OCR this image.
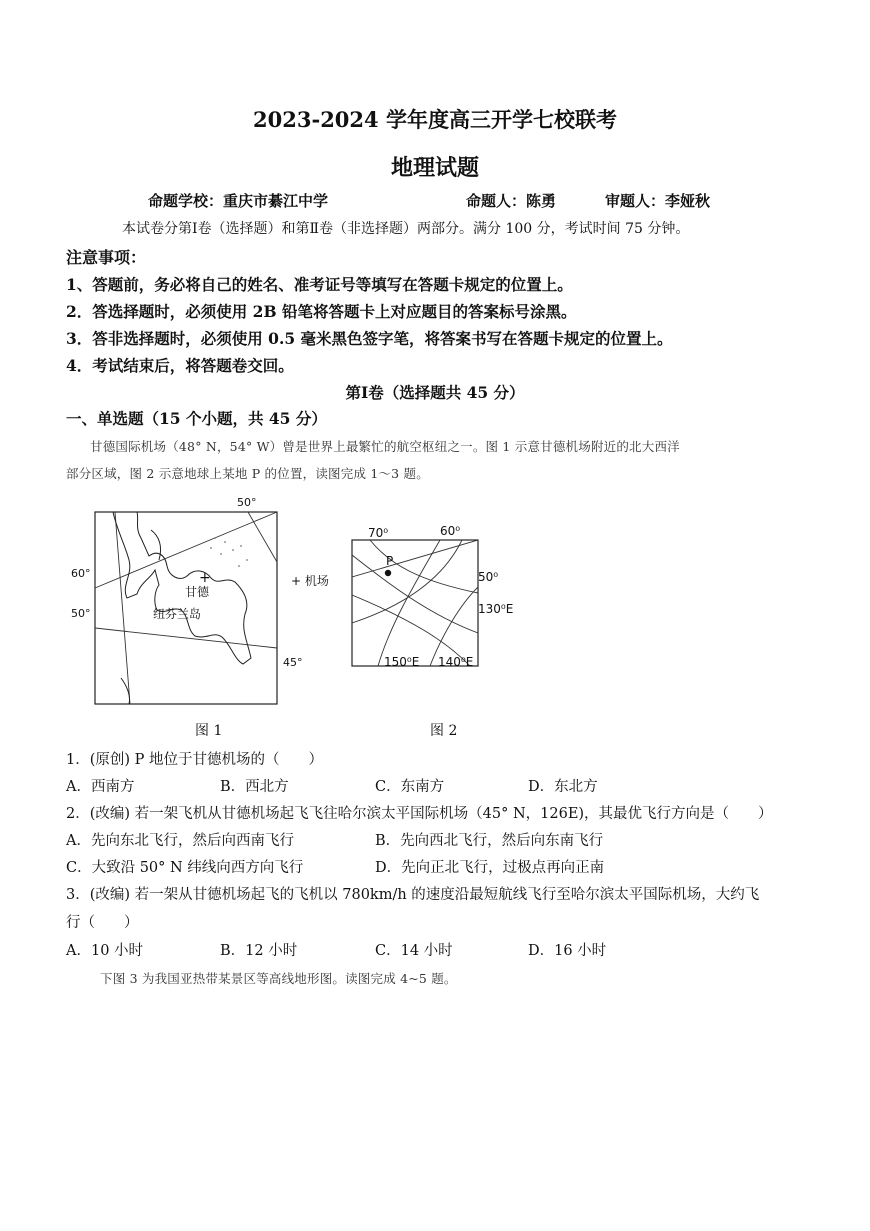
2023-2024 学年度高三开学七校联考
地理试题
命题学校：重庆市綦江中学	命题人：陈勇	审题人：李娅秋
本试卷分第Ⅰ卷（选择题）和第Ⅱ卷（非选择题）两部分。满分 100 分，考试时间 75 分钟。
注意事项：
1、答题前，务必将自己的姓名、准考证号等填写在答题卡规定的位置上。
2．答选择题时，必须使用 2B 铅笔将答题卡上对应题目的答案标号涂黑。
3．答非选择题时，必须使用 0.5 毫米黑色签字笔，将答案书写在答题卡规定的位置上。
4．考试结束后，将答题卷交回。
第Ⅰ卷（选择题共 45 分）
一、单选题（15 个小题，共 45 分）
甘德国际机场（48° N，54° W）曾是世界上最繁忙的航空枢纽之一。图 1 示意甘德机场附近的北大西洋
部分区域，图 2 示意地球上某地 P 的位置，读图完成 1～3 题。
+
甘德
纽芬兰岛
50°
60°
50°
45°
+ 机场
70⁰	60⁰
P
50⁰
130⁰E
150⁰E 140⁰E
图 1	图 2
1．(原创) P 地位于甘德机场的（　　）
A．西南方	B．西北方	C．东南方	D．东北方
2．(改编) 若一架飞机从甘德机场起飞飞往哈尔滨太平国际机场（45° N，126E)，其最优飞行方向是（　　）
A．先向东北飞行，然后向西南飞行	B．先向西北飞行，然后向东南飞行
C．大致沿 50° N 纬线向西方向飞行	D．先向正北飞行，过极点再向正南
3．(改编) 若一架从甘德机场起飞的飞机以 780km/h 的速度沿最短航线飞行至哈尔滨太平国际机场，大约飞
行（　　）
A．10 小时	B．12 小时	C．14 小时	D．16 小时
下图 3 为我国亚热带某景区等高线地形图。读图完成 4~5 题。
